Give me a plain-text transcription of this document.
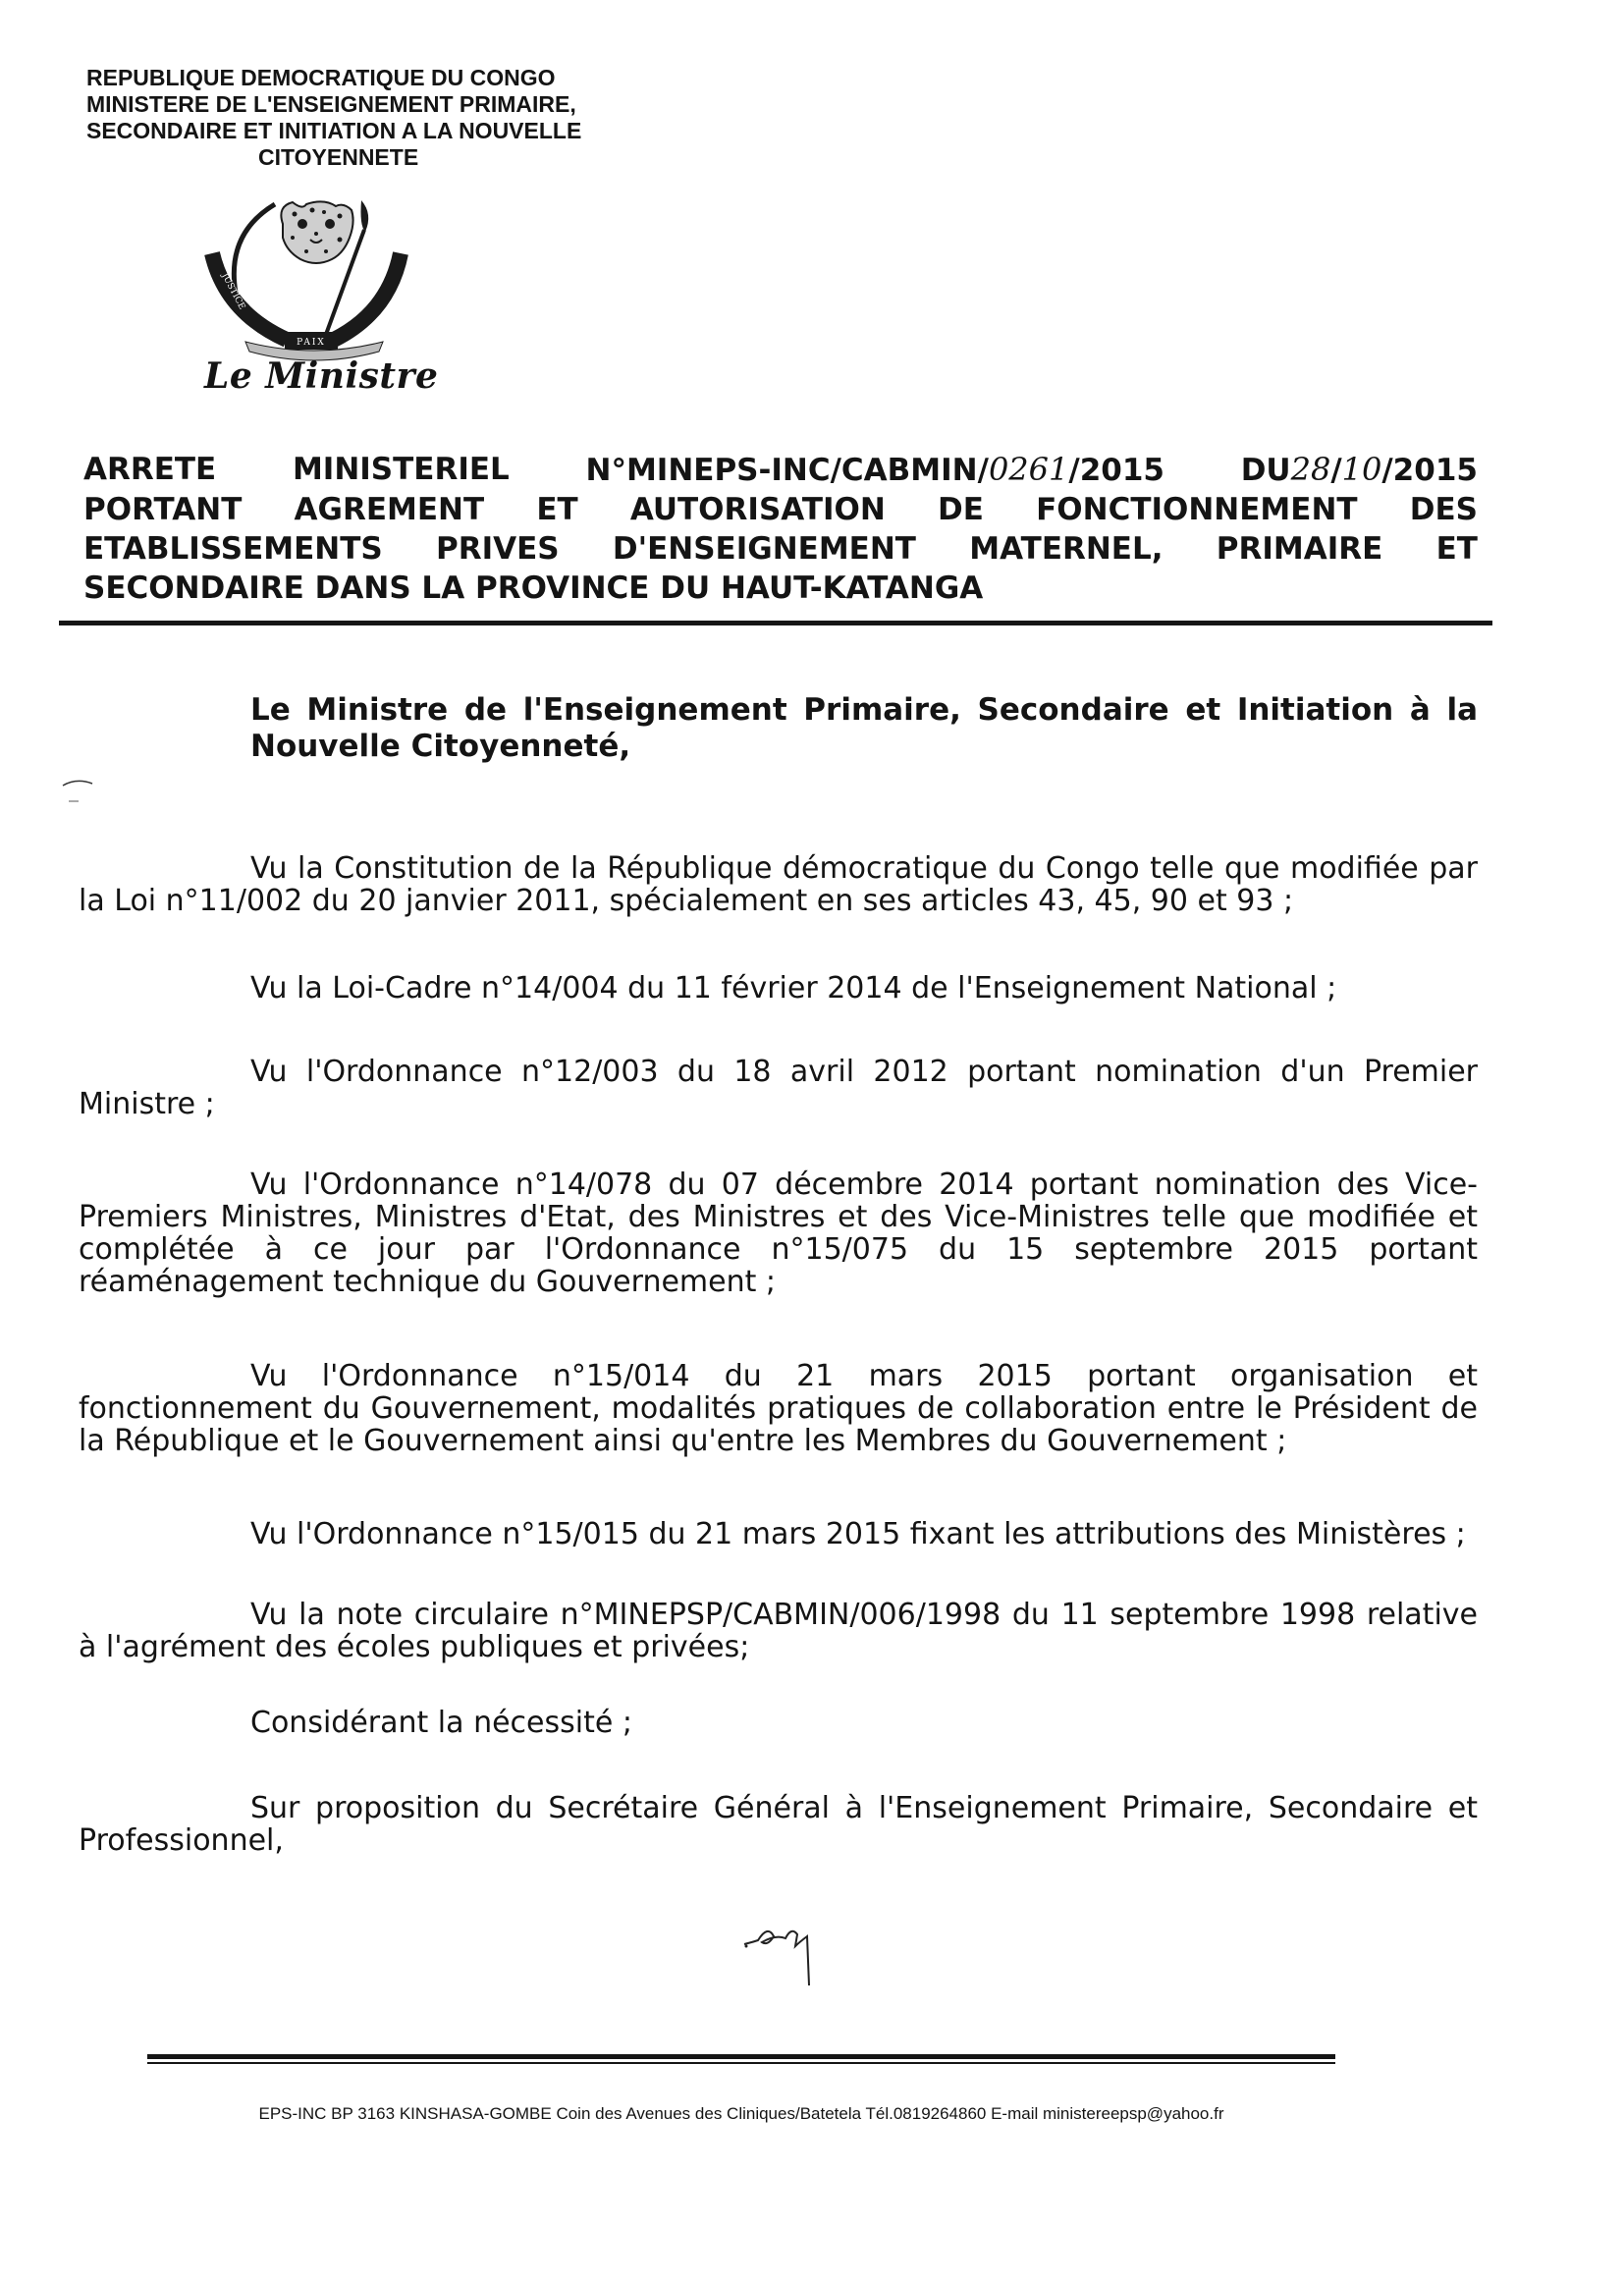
REPUBLIQUE DEMOCRATIQUE DU CONGO
MINISTERE DE L'ENSEIGNEMENT PRIMAIRE,
SECONDAIRE ET INITIATION A LA NOUVELLE
CITOYENNETE
PAIX
JUSTICE
TRAVAIL
Le Ministre
ARRETE	MINISTERIEL	N°MINEPS-INC/CABMIN/0261/2015	DU28/10/2015
PORTANT AGREMENT ET AUTORISATION DE FONCTIONNEMENT DES
ETABLISSEMENTS PRIVES D'ENSEIGNEMENT MATERNEL, PRIMAIRE ET
SECONDAIRE DANS LA PROVINCE DU HAUT-KATANGA
Le Ministre de l'Enseignement Primaire, Secondaire et Initiation à la Nouvelle Citoyenneté,
Vu la Constitution de la République démocratique du Congo telle que modifiée par la Loi n°11/002 du 20 janvier 2011, spécialement en ses articles 43, 45, 90 et 93 ;
Vu la Loi-Cadre n°14/004 du 11 février 2014 de l'Enseignement National ;
Vu l'Ordonnance n°12/003 du 18 avril 2012 portant nomination d'un Premier Ministre ;
Vu l'Ordonnance n°14/078 du 07 décembre 2014 portant nomination des Vice-Premiers Ministres, Ministres d'Etat, des Ministres et des Vice-Ministres telle que modifiée et complétée à ce jour par l'Ordonnance n°15/075 du 15 septembre 2015 portant réaménagement technique du Gouvernement ;
Vu l'Ordonnance n°15/014 du 21 mars 2015 portant organisation et fonctionnement du Gouvernement, modalités pratiques de collaboration entre le Président de la République et le Gouvernement ainsi qu'entre les Membres du Gouvernement ;
Vu l'Ordonnance n°15/015 du 21 mars 2015 fixant les attributions des Ministères ;
Vu la note circulaire n°MINEPSP/CABMIN/006/1998 du 11 septembre 1998 relative à l'agrément des écoles publiques et privées;
Considérant la nécessité ;
Sur proposition du Secrétaire Général à l'Enseignement Primaire, Secondaire et Professionnel,
EPS-INC BP 3163 KINSHASA-GOMBE Coin des Avenues des Cliniques/Batetela Tél.0819264860 E-mail ministereepsp@yahoo.fr
